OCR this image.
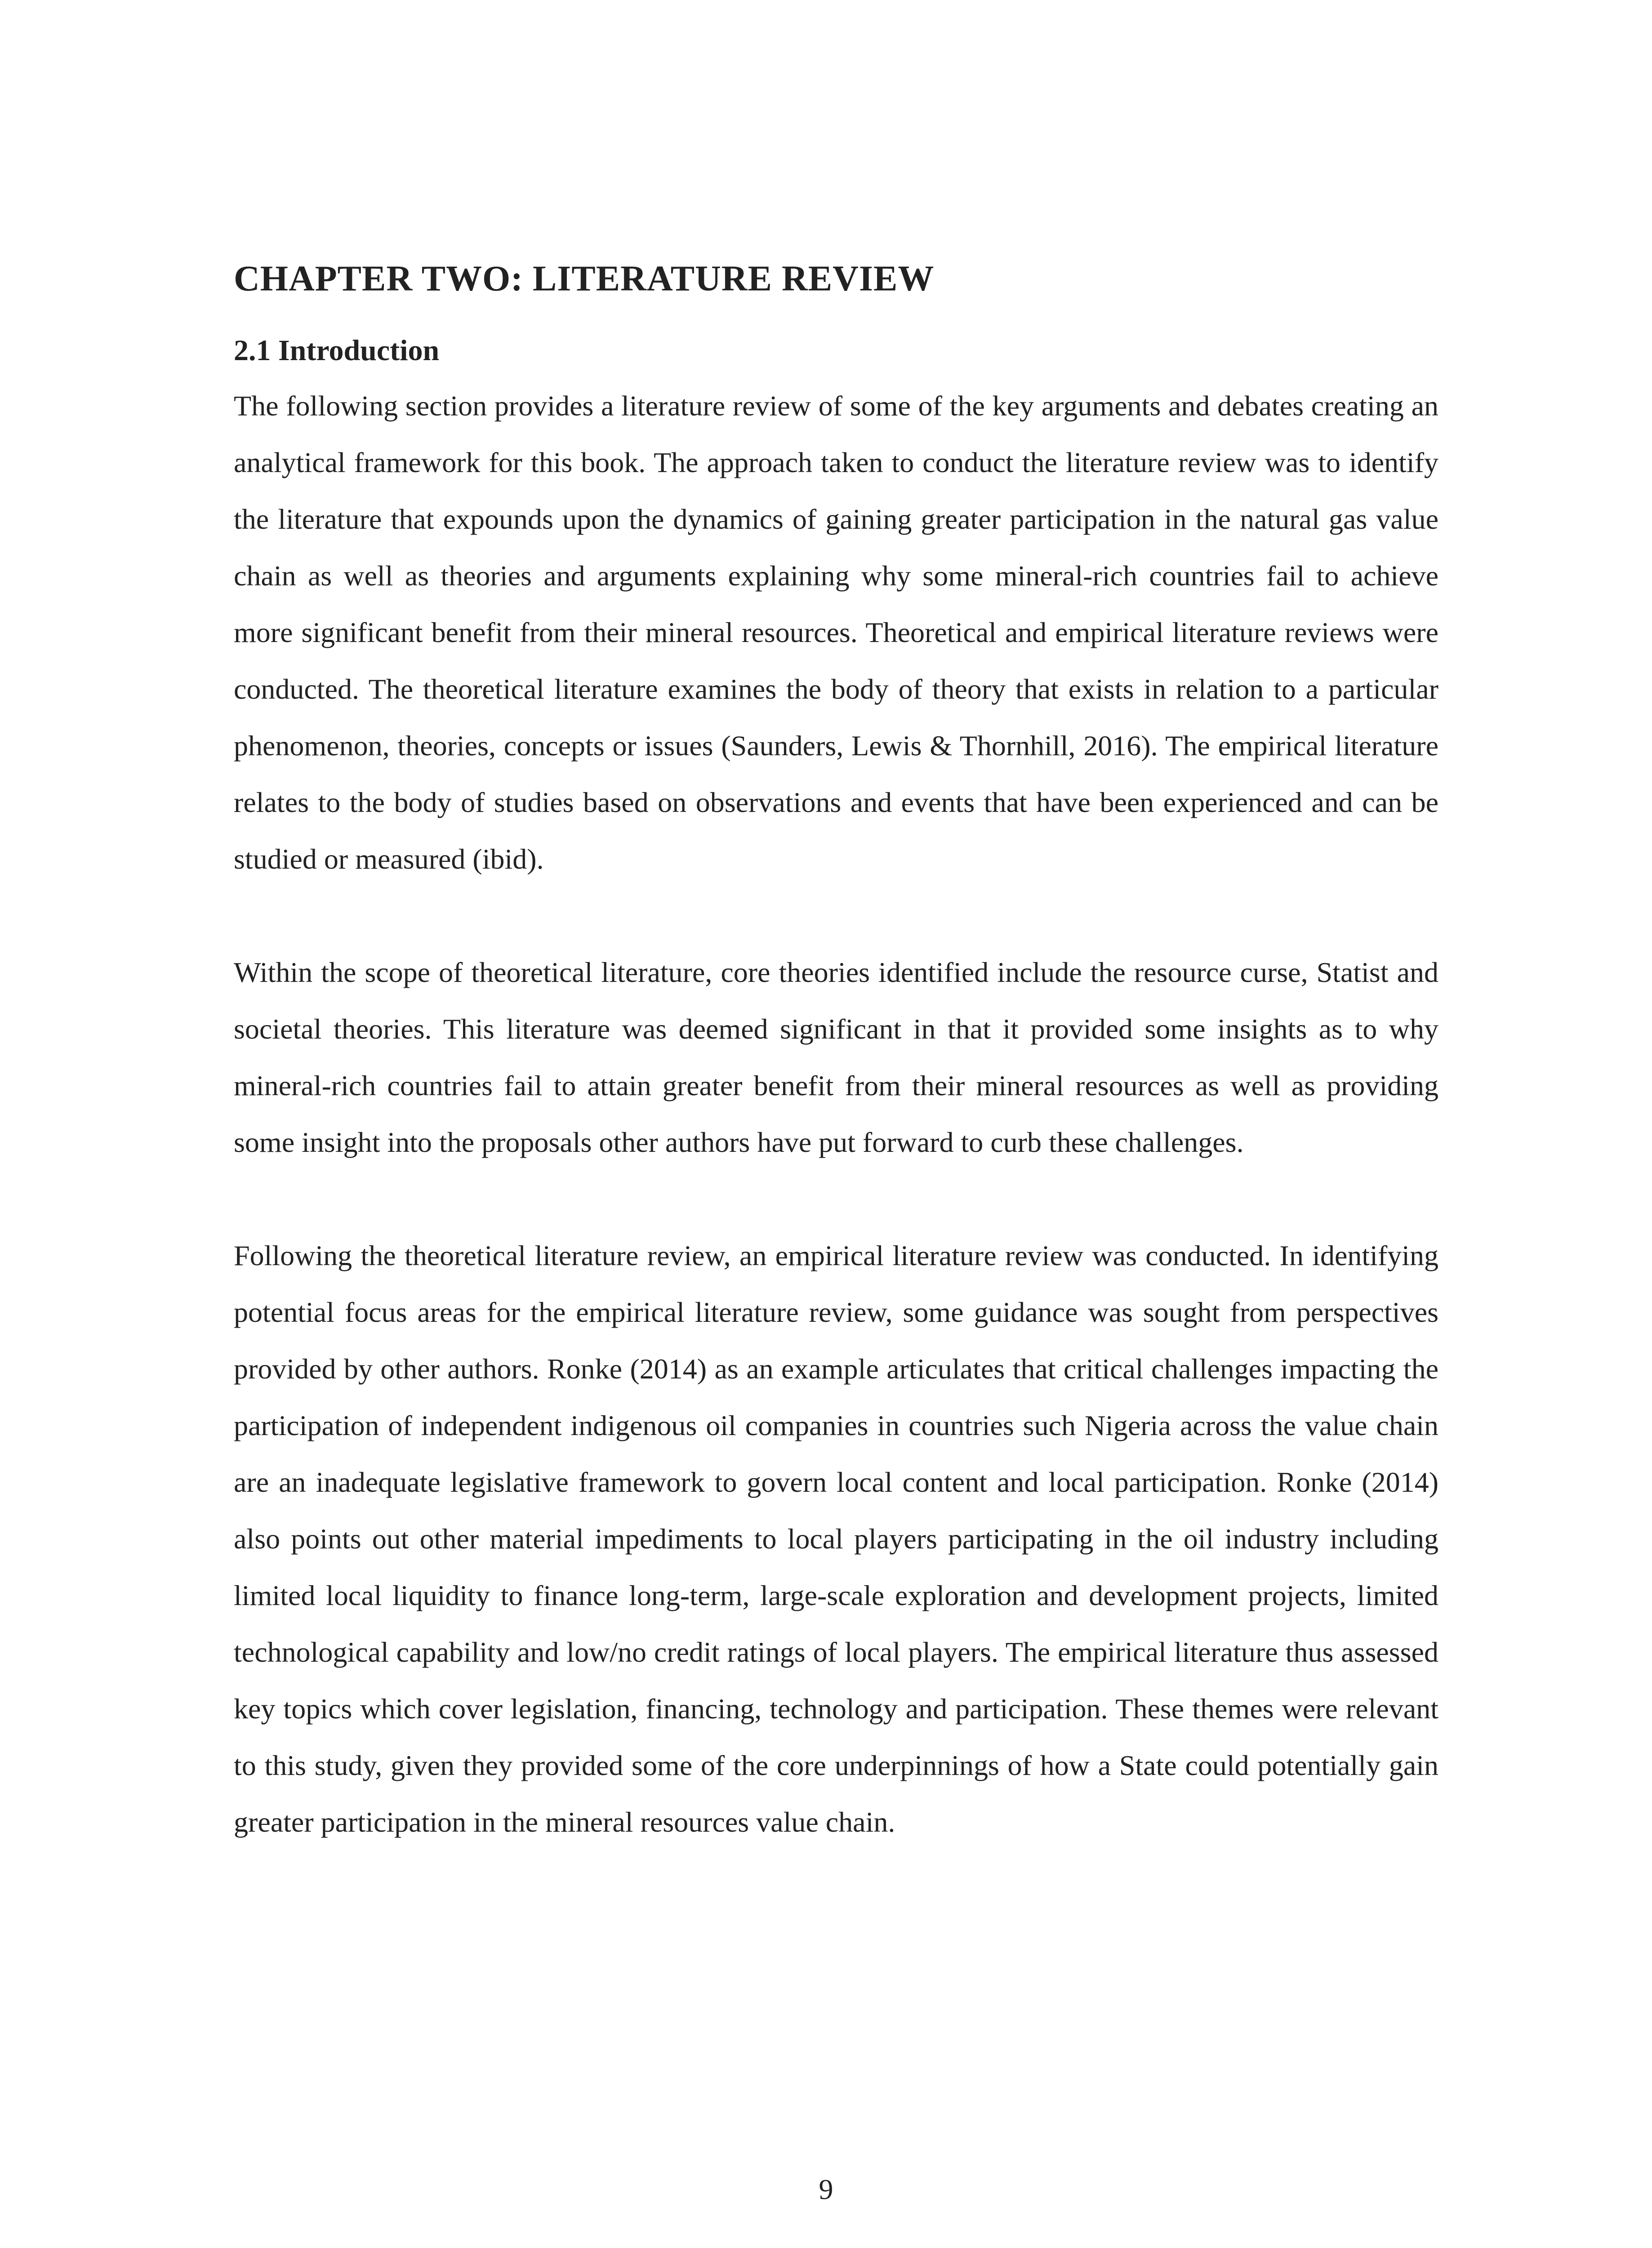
CHAPTER TWO: LITERATURE REVIEW
2.1 Introduction

The following section provides a literature review of some of the key arguments and debates creating an analytical framework for this book. The approach taken to conduct the literature review was to identify the literature that expounds upon the dynamics of gaining greater participation in the natural gas value chain as well as theories and arguments explaining why some mineral-rich countries fail to achieve more significant benefit from their mineral resources. Theoretical and empirical literature reviews were conducted. The theoretical literature examines the body of theory that exists in relation to a particular phenomenon, theories, concepts or issues (Saunders, Lewis & Thornhill, 2016). The empirical literature relates to the body of studies based on observations and events that have been experienced and can be studied or measured (ibid).

Within the scope of theoretical literature, core theories identified include the resource curse, Statist and societal theories. This literature was deemed significant in that it provided some insights as to why mineral-rich countries fail to attain greater benefit from their mineral resources as well as providing some insight into the proposals other authors have put forward to curb these challenges.

Following the theoretical literature review, an empirical literature review was conducted. In identifying potential focus areas for the empirical literature review, some guidance was sought from perspectives provided by other authors. Ronke (2014) as an example articulates that critical challenges impacting the participation of independent indigenous oil companies in countries such Nigeria across the value chain are an inadequate legislative framework to govern local content and local participation. Ronke (2014) also points out other material impediments to local players participating in the oil industry including limited local liquidity to finance long-term, large-scale exploration and development projects, limited technological capability and low/no credit ratings of local players. The empirical literature thus assessed key topics which cover legislation, financing, technology and participation. These themes were relevant to this study, given they provided some of the core underpinnings of how a State could potentially gain greater participation in the mineral resources value chain.

9
